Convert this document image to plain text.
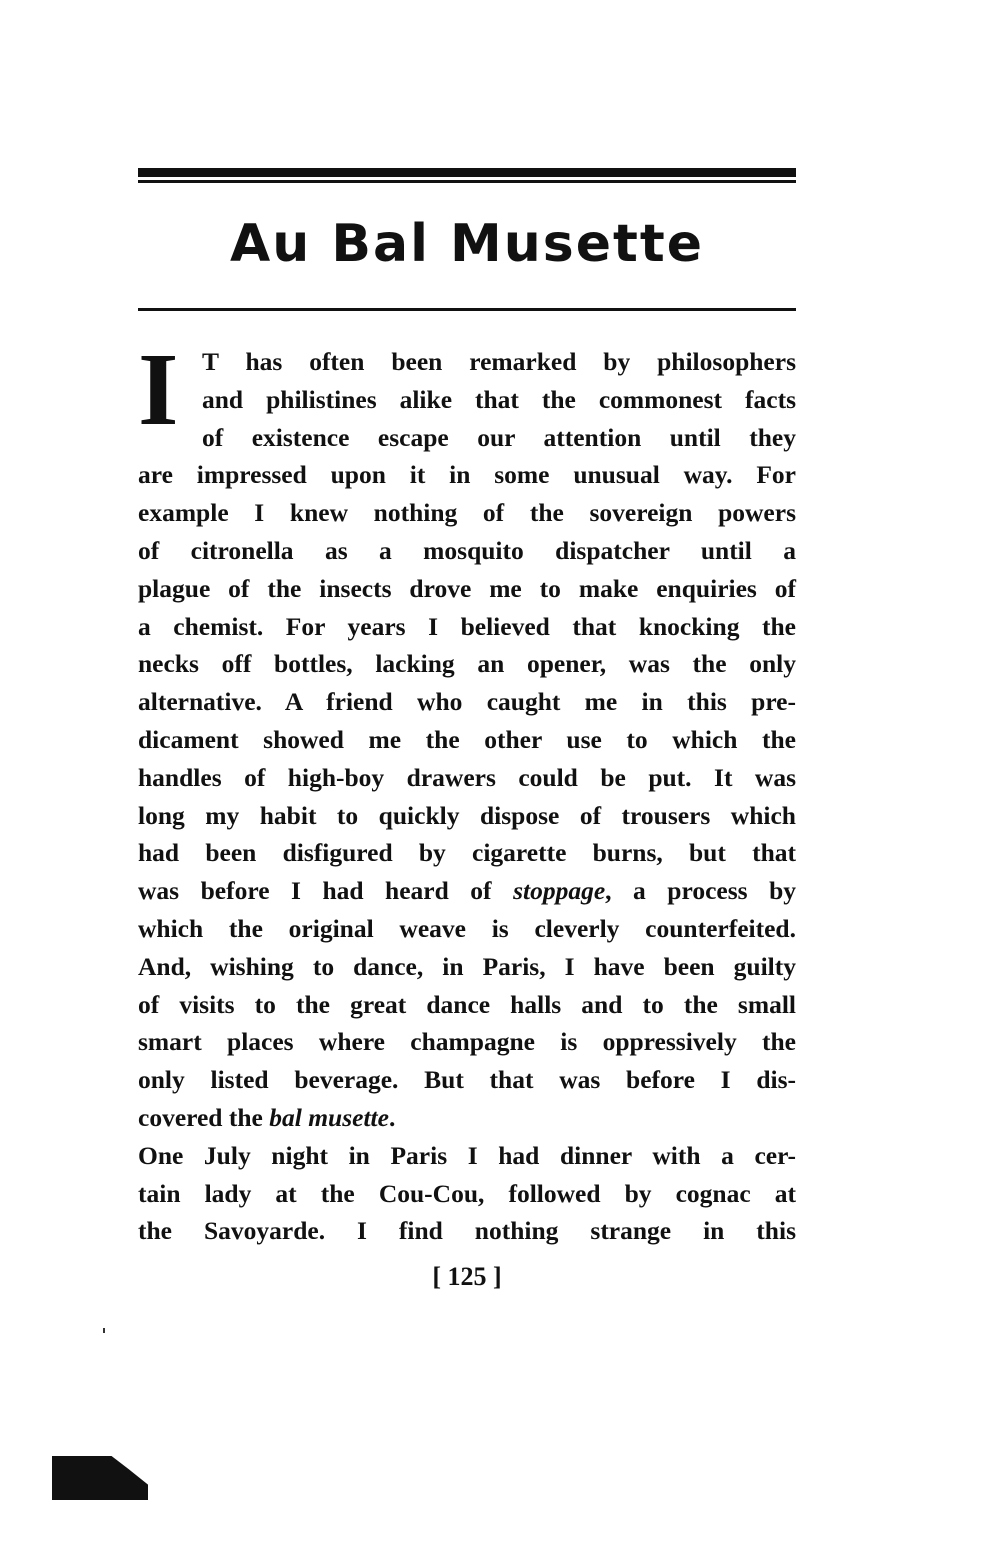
Au Bal Musette
I T has often been remarked by philosophers
and philistines alike that the commonest facts
of existence escape our attention until they
are impressed upon it in some unusual way. For
example I knew nothing of the sovereign powers
of citronella as a mosquito dispatcher until a
plague of the insects drove me to make enquiries of
a chemist. For years I believed that knocking the
necks off bottles, lacking an opener, was the only
alternative. A friend who caught me in this pre-
dicament showed me the other use to which the
handles of high-boy drawers could be put. It was
long my habit to quickly dispose of trousers which
had been disfigured by cigarette burns, but that
was before I had heard of stoppage, a process by
which the original weave is cleverly counterfeited.
And, wishing to dance, in Paris, I have been guilty
of visits to the great dance halls and to the small
smart places where champagne is oppressively the
only listed beverage. But that was before I dis-
covered the bal musette.
One July night in Paris I had dinner with a cer-
tain lady at the Cou-Cou, followed by cognac at
the Savoyarde. I find nothing strange in this
[ 125 ]
